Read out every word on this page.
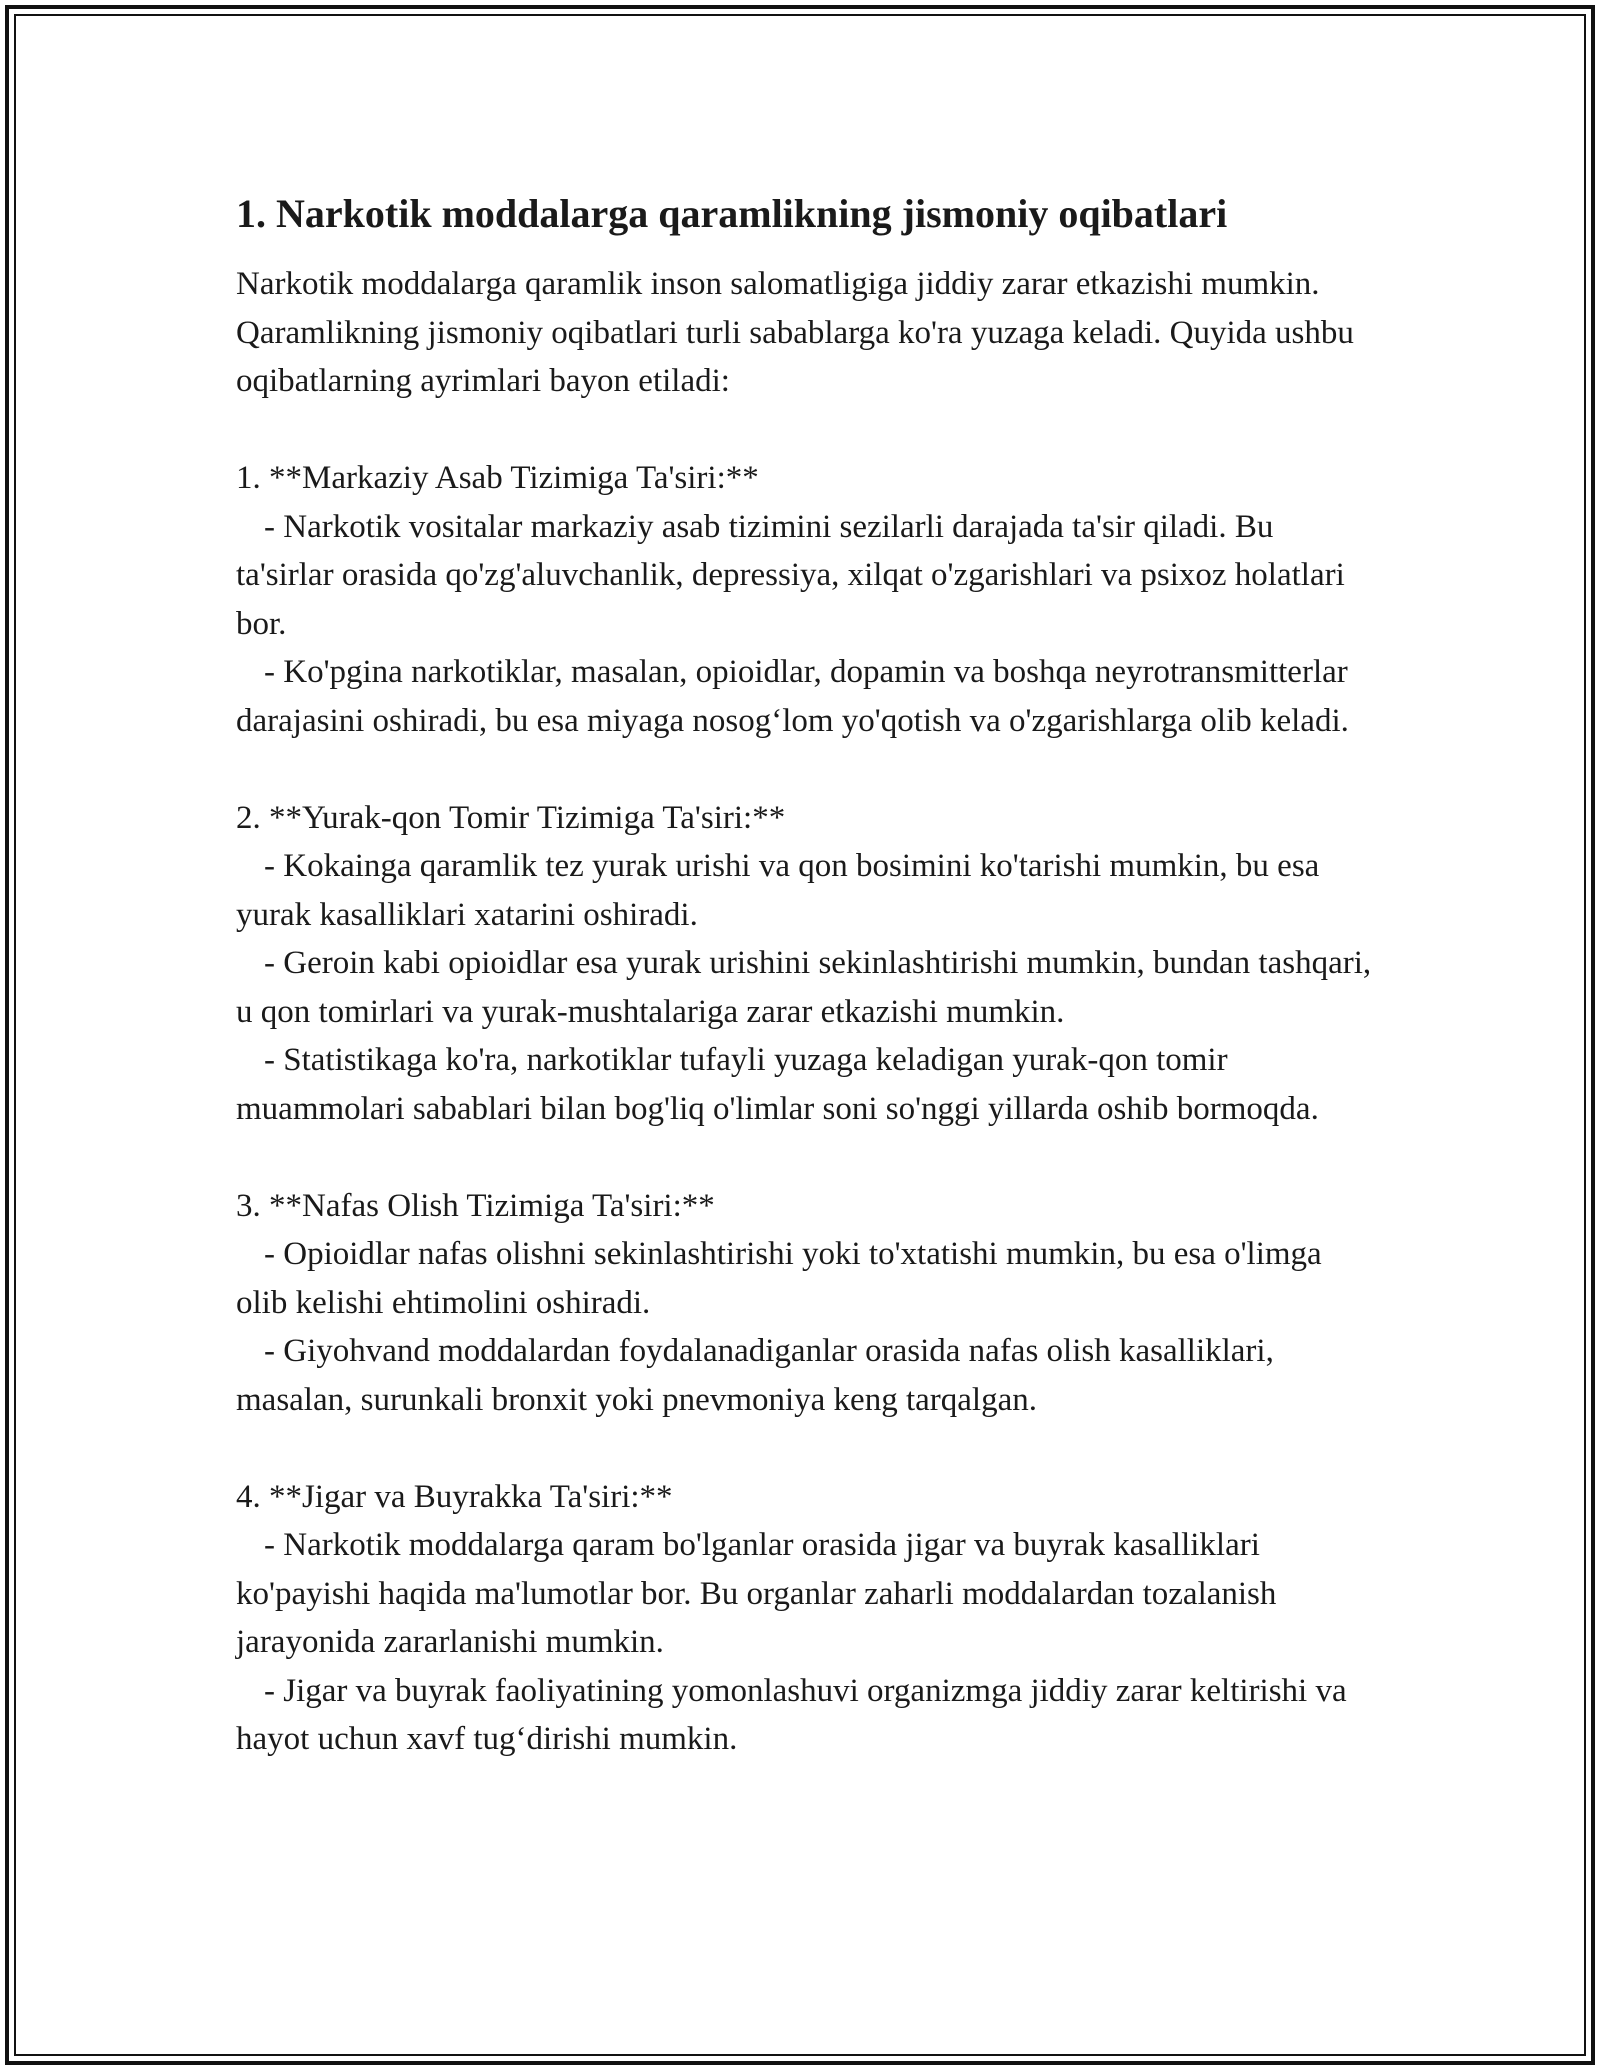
1. Narkotik moddalarga qaramlikning jismoniy oqibatlari

Narkotik moddalarga qaramlik inson salomatligiga jiddiy zarar etkazishi mumkin. Qaramlikning jismoniy oqibatlari turli sabablarga ko'ra yuzaga keladi. Quyida ushbu oqibatlarning ayrimlari bayon etiladi:

1. **Markaziy Asab Tizimiga Ta'siri:**

- Narkotik vositalar markaziy asab tizimini sezilarli darajada ta'sir qiladi. Bu ta'sirlar orasida qo'zg'aluvchanlik, depressiya, xilqat o'zgarishlari va psixoz holatlari bor.

- Ko'pgina narkotiklar, masalan, opioidlar, dopamin va boshqa neyrotransmitterlar darajasini oshiradi, bu esa miyaga nosog‘lom yo'qotish va o'zgarishlarga olib keladi.

2. **Yurak-qon Tomir Tizimiga Ta'siri:**

- Kokainga qaramlik tez yurak urishi va qon bosimini ko'tarishi mumkin, bu esa yurak kasalliklari xatarini oshiradi.

- Geroin kabi opioidlar esa yurak urishini sekinlashtirishi mumkin, bundan tashqari, u qon tomirlari va yurak-mushtalariga zarar etkazishi mumkin.

- Statistikaga ko'ra, narkotiklar tufayli yuzaga keladigan yurak-qon tomir muammolari sabablari bilan bog'liq o'limlar soni so'nggi yillarda oshib bormoqda.

3. **Nafas Olish Tizimiga Ta'siri:**

- Opioidlar nafas olishni sekinlashtirishi yoki to'xtatishi mumkin, bu esa o'limga olib kelishi ehtimolini oshiradi.

- Giyohvand moddalardan foydalanadiganlar orasida nafas olish kasalliklari, masalan, surunkali bronxit yoki pnevmoniya keng tarqalgan.

4. **Jigar va Buyrakka Ta'siri:**

- Narkotik moddalarga qaram bo'lganlar orasida jigar va buyrak kasalliklari ko'payishi haqida ma'lumotlar bor. Bu organlar zaharli moddalardan tozalanish jarayonida zararlanishi mumkin.

- Jigar va buyrak faoliyatining yomonlashuvi organizmga jiddiy zarar keltirishi va hayot uchun xavf tug‘dirishi mumkin.
